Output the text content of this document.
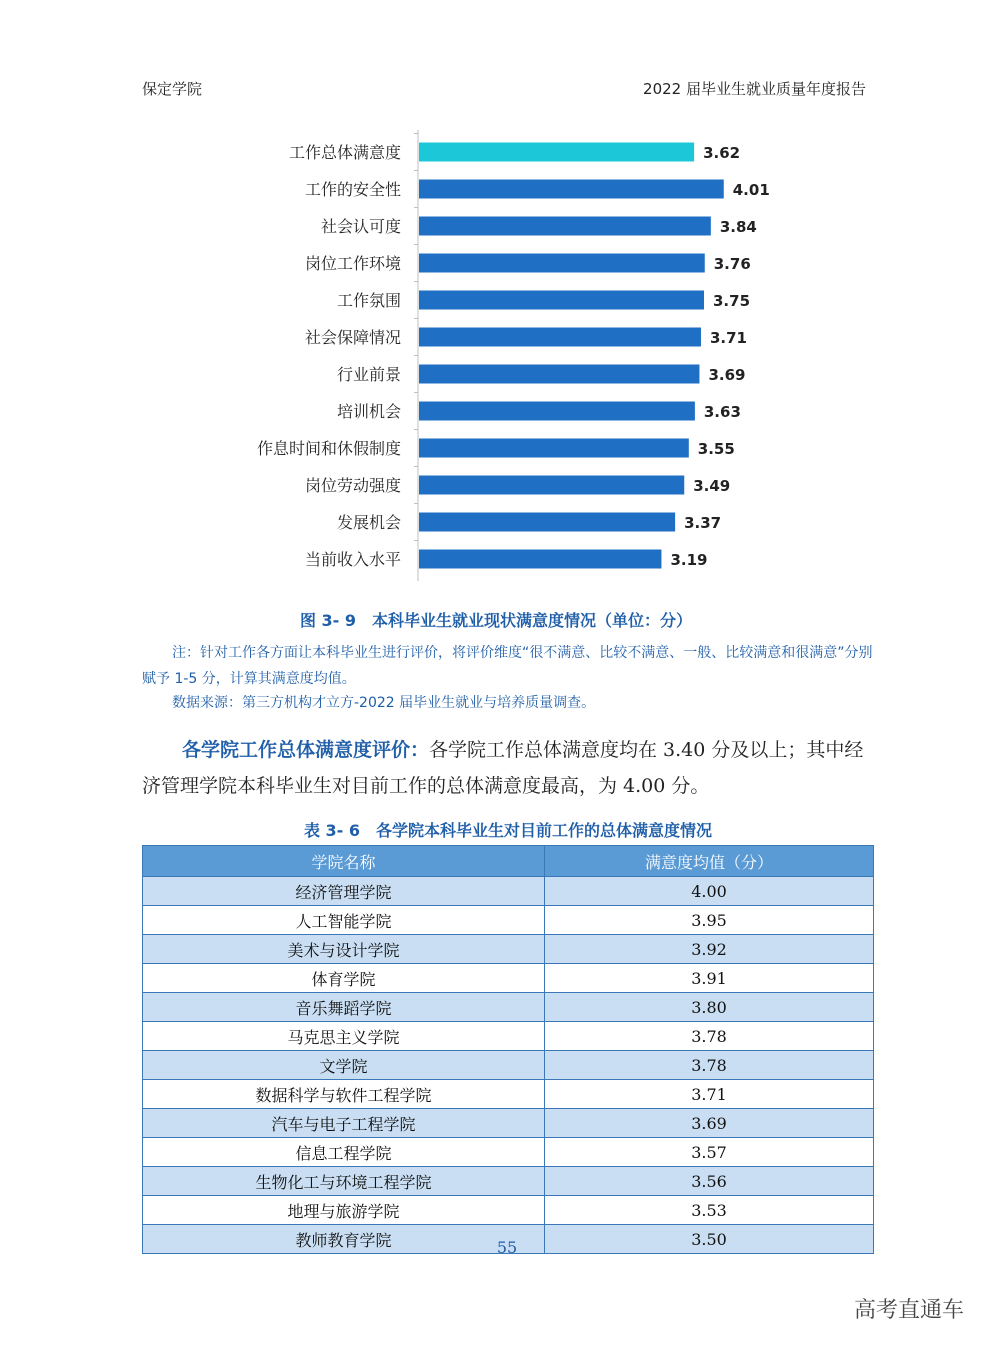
保定学院	2022 届毕业生就业质量年度报告
工作总体满意度	3.62
工作的安全性	4.01
社会认可度	3.84
岗位工作环境	3.76
工作氛围	3.75
社会保障情况	3.71
行业前景	3.69
培训机会	3.63
作息时间和休假制度	3.55
岗位劳动强度	3.49
发展机会	3.37
当前收入水平	3.19
图 3- 9　本科毕业生就业现状满意度情况（单位：分）
注：针对工作各方面让本科毕业生进行评价，将评价维度“很不满意、比较不满意、一般、比较满意和很满意”分别赋予 1-5 分，计算其满意度均值。
数据来源：第三方机构才立方-2022 届毕业生就业与培养质量调查。
各学院工作总体满意度评价：各学院工作总体满意度均在 3.40 分及以上；其中经济管理学院本科毕业生对目前工作的总体满意度最高，为 4.00 分。
表 3- 6　各学院本科毕业生对目前工作的总体满意度情况
学院名称	满意度均值（分）
经济管理学院	4.00
人工智能学院	3.95
美术与设计学院	3.92
体育学院	3.91
音乐舞蹈学院	3.80
马克思主义学院	3.78
文学院	3.78
数据科学与软件工程学院	3.71
汽车与电子工程学院	3.69
信息工程学院	3.57
生物化工与环境工程学院	3.56
地理与旅游学院	3.53
教师教育学院	3.50
55
高考直通车
